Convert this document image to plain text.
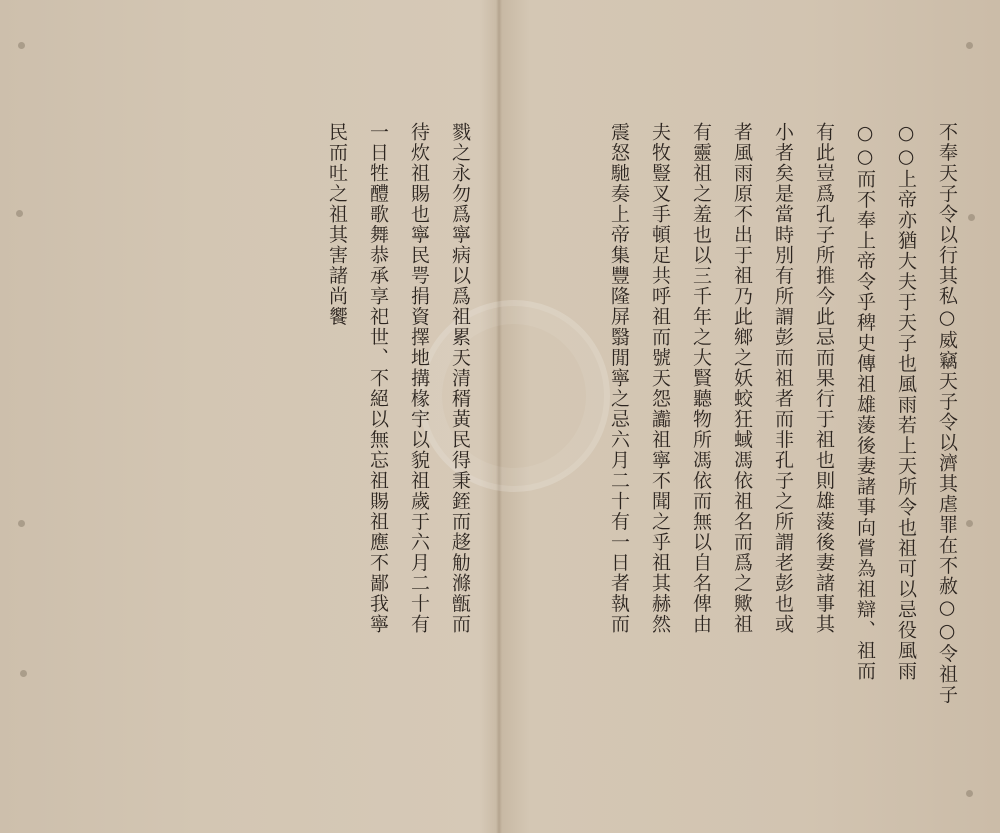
不奉天子令以行其私○威竊天子令以濟其虐罪在不赦○○令祖子
○○上帝亦猶大夫于天子也風雨若上天所令也祖可以忌役風雨
○○而不奉上帝令乎稗史傳祖雄蔆後妻諸事向嘗為祖辯、祖而
有此豈爲孔子所推今此忌而果行于祖也則雄蔆後妻諸事其
小者矣是當時別有所謂彭而祖者而非孔子之所謂老彭也或
者風雨原不出于祖乃此鄉之妖蛟狂蜮馮依祖名而爲之歟祖
有靈祖之羞也以三千年之大賢聽物所馮依而無以自名俾由
夫牧豎叉手頓足共呼祖而號天怨讟祖寧不聞之乎祖其赫然
震怒馳奏上帝集豐隆屏翳閒寧之忌六月二十有一日者執而
戮之永勿爲寧病以爲祖累天清稰黃民得秉銍而趍觔滌甑而
待炊祖賜也寧民咢捐資擇地搆椽宇以貌祖歲于六月二十有
一日牲醴歌舞恭承享祀世、不絕以無忘祖賜祖應不鄙我寧
民而吐之祖其害諸尚饗
